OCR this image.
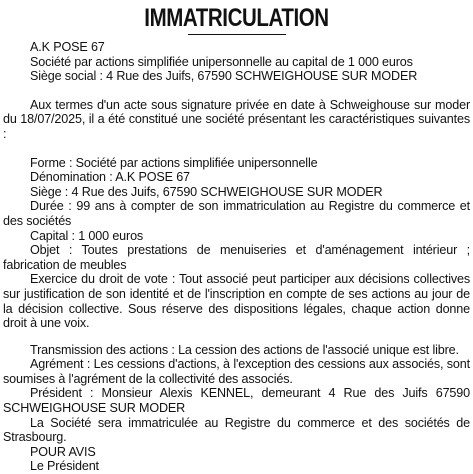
IMMATRICULATION

A.K POSE 67

Société par actions simplifiée unipersonnelle au capital de 1 000 euros

Siège social : 4 Rue des Juifs, 67590 SCHWEIGHOUSE SUR MODER

Aux termes d'un acte sous signature privée en date à Schweighouse sur moder du 18/07/2025, il a été constitué une société présentant les caractéristiques suivantes :

Forme : Société par actions simplifiée unipersonnelle

Dénomination : A.K POSE 67

Siège : 4 Rue des Juifs, 67590 SCHWEIGHOUSE SUR MODER

Durée : 99 ans à compter de son immatriculation au Registre du commerce et des sociétés

Capital : 1 000 euros

Objet : Toutes prestations de menuiseries et d'aménagement intérieur ; fabrication de meubles

Exercice du droit de vote : Tout associé peut participer aux décisions collectives sur justification de son identité et de l'inscription en compte de ses actions au jour de la décision collective. Sous réserve des dispositions légales, chaque action donne droit à une voix.

Transmission des actions : La cession des actions de l'associé unique est libre.

Agrément : Les cessions d'actions, à l'exception des cessions aux associés, sont soumises à l'agrément de la collectivité des associés.

Président : Monsieur Alexis KENNEL, demeurant 4 Rue des Juifs 67590 SCHWEIGHOUSE SUR MODER

La Société sera immatriculée au Registre du commerce et des sociétés de Strasbourg.

POUR AVIS

Le Président
